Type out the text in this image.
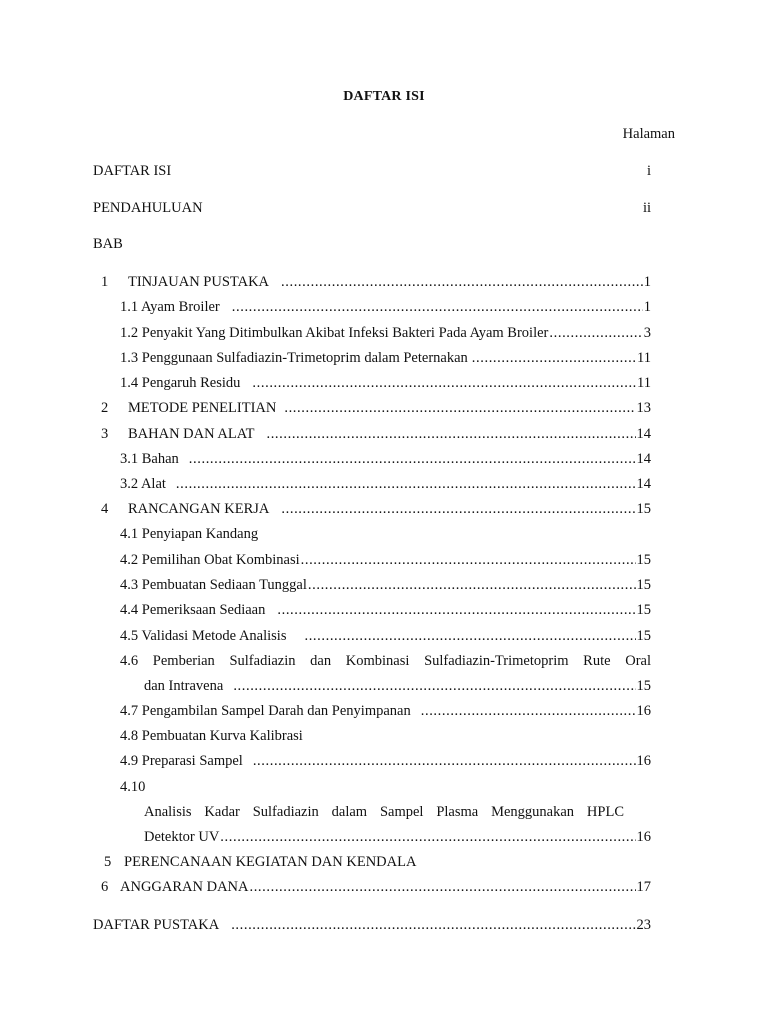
DAFTAR ISI
Halaman
DAFTAR ISI	i
PENDAHULUAN	ii
BAB
1 TINJAUAN PUSTAKA .....	1
1.1 Ayam Broiler .....	1
1.2 Penyakit Yang Ditimbulkan Akibat Infeksi Bakteri Pada Ayam Broiler .....	3
1.3 Penggunaan Sulfadiazin-Trimetoprim dalam Peternakan .....	11
1.4 Pengaruh Residu .....	11
2 METODE PENELITIAN .....	13
3 BAHAN DAN ALAT .....	14
3.1 Bahan .....	14
3.2 Alat .....	14
4 RANCANGAN KERJA .....	15
4.1 Penyiapan Kandang
4.2 Pemilihan Obat Kombinasi .....	15
4.3 Pembuatan Sediaan Tunggal .....	15
4.4 Pemeriksaan Sediaan .....	15
4.5 Validasi Metode Analisis .....	15
4.6 Pemberian Sulfadiazin dan Kombinasi Sulfadiazin-Trimetoprim Rute Oral
dan Intravena .....	15
4.7 Pengambilan Sampel Darah dan Penyimpanan .....	16
4.8 Pembuatan Kurva Kalibrasi
4.9 Preparasi Sampel .....	16
4.10
Analisis Kadar Sulfadiazin dalam Sampel Plasma Menggunakan HPLC
Detektor UV .....	16
5 PERENCANAAN KEGIATAN DAN KENDALA
6 ANGGARAN DANA .....	17
DAFTAR PUSTAKA .....	23
